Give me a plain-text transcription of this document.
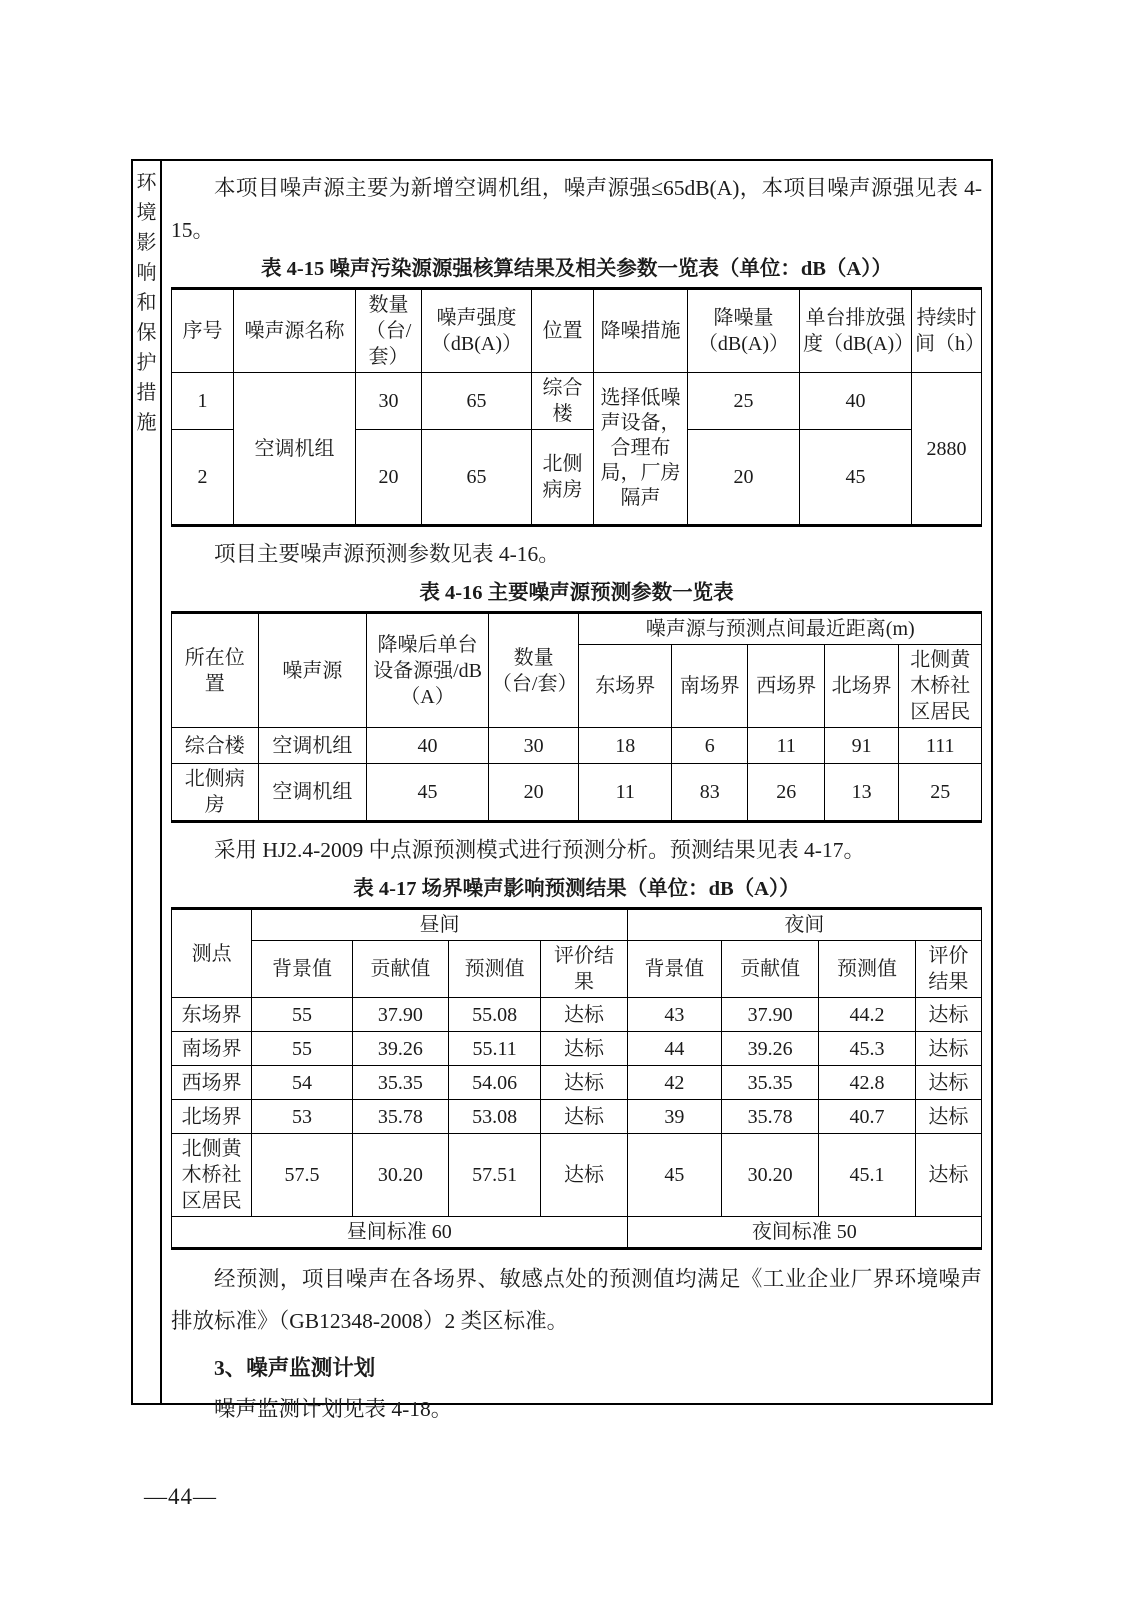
环境影响和保护措施

本项目噪声源主要为新增空调机组，噪声源强≤65dB(A)，本项目噪声源强见表 4-15。

表 4-15 噪声污染源源强核算结果及相关参数一览表（单位：dB（A））
序号	噪声源名称	数量（台/套）	噪声强度（dB(A)）	位置	降噪措施	降噪量（dB(A)）	单台排放强度（dB(A)）	持续时间（h）
1	空调机组	30	65	综合楼	选择低噪声设备，合理布局，厂房隔声	25	40	2880
2		20	65	北侧病房		20	45	

项目主要噪声源预测参数见表 4-16。

表 4-16 主要噪声源预测参数一览表
所在位置	噪声源	降噪后单台设备源强/dB（A）	数量（台/套）	噪声源与预测点间最近距离(m)				
				东场界	南场界	西场界	北场界	北侧黄木桥社区居民
综合楼	空调机组	40	30	18	6	11	91	111
北侧病房	空调机组	45	20	11	83	26	13	25

采用 HJ2.4-2009 中点源预测模式进行预测分析。预测结果见表 4-17。

表 4-17 场界噪声影响预测结果（单位：dB（A））
测点	昼间				夜间			
	背景值	贡献值	预测值	评价结果	背景值	贡献值	预测值	评价结果
东场界	55	37.90	55.08	达标	43	37.90	44.2	达标
南场界	55	39.26	55.11	达标	44	39.26	45.3	达标
西场界	54	35.35	54.06	达标	42	35.35	42.8	达标
北场界	53	35.78	53.08	达标	39	35.78	40.7	达标
北侧黄木桥社区居民	57.5	30.20	57.51	达标	45	30.20	45.1	达标
昼间标准 60					夜间标准 50			

经预测，项目噪声在各场界、敏感点处的预测值均满足《工业企业厂界环境噪声排放标准》（GB12348-2008）2 类区标准。

3、噪声监测计划

噪声监测计划见表 4-18。

—44—
